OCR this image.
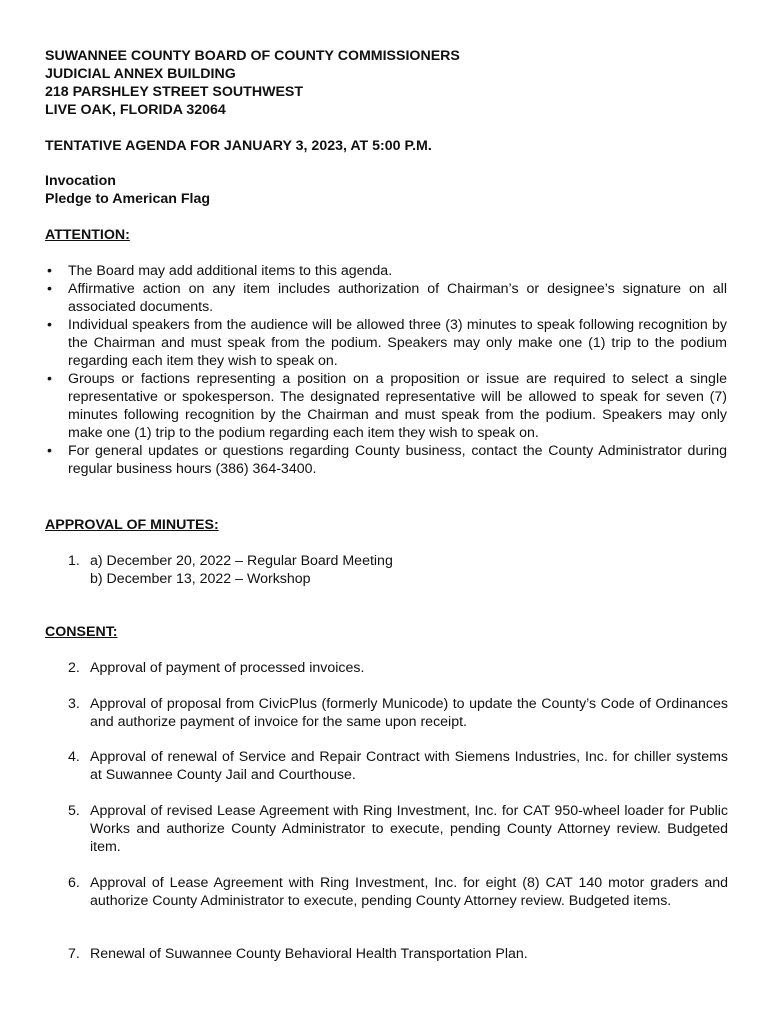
SUWANNEE COUNTY BOARD OF COUNTY COMMISSIONERS
JUDICIAL ANNEX BUILDING
218 PARSHLEY STREET SOUTHWEST
LIVE OAK, FLORIDA 32064
TENTATIVE AGENDA FOR JANUARY 3, 2023, AT 5:00 P.M.
Invocation
Pledge to American Flag
ATTENTION:
• The Board may add additional items to this agenda.
• Affirmative action on any item includes authorization of Chairman’s or designee’s signature on all associated documents.
• Individual speakers from the audience will be allowed three (3) minutes to speak following recognition by the Chairman and must speak from the podium. Speakers may only make one (1) trip to the podium regarding each item they wish to speak on.
• Groups or factions representing a position on a proposition or issue are required to select a single representative or spokesperson. The designated representative will be allowed to speak for seven (7) minutes following recognition by the Chairman and must speak from the podium. Speakers may only make one (1) trip to the podium regarding each item they wish to speak on.
• For general updates or questions regarding County business, contact the County Administrator during regular business hours (386) 364-3400.
APPROVAL OF MINUTES:
1. a) December 20, 2022 – Regular Board Meeting
b) December 13, 2022 – Workshop
CONSENT:
2. Approval of payment of processed invoices.
3. Approval of proposal from CivicPlus (formerly Municode) to update the County’s Code of Ordinances and authorize payment of invoice for the same upon receipt.
4. Approval of renewal of Service and Repair Contract with Siemens Industries, Inc. for chiller systems at Suwannee County Jail and Courthouse.
5. Approval of revised Lease Agreement with Ring Investment, Inc. for CAT 950-wheel loader for Public Works and authorize County Administrator to execute, pending County Attorney review. Budgeted item.
6. Approval of Lease Agreement with Ring Investment, Inc. for eight (8) CAT 140 motor graders and authorize County Administrator to execute, pending County Attorney review. Budgeted items.
7. Renewal of Suwannee County Behavioral Health Transportation Plan.
